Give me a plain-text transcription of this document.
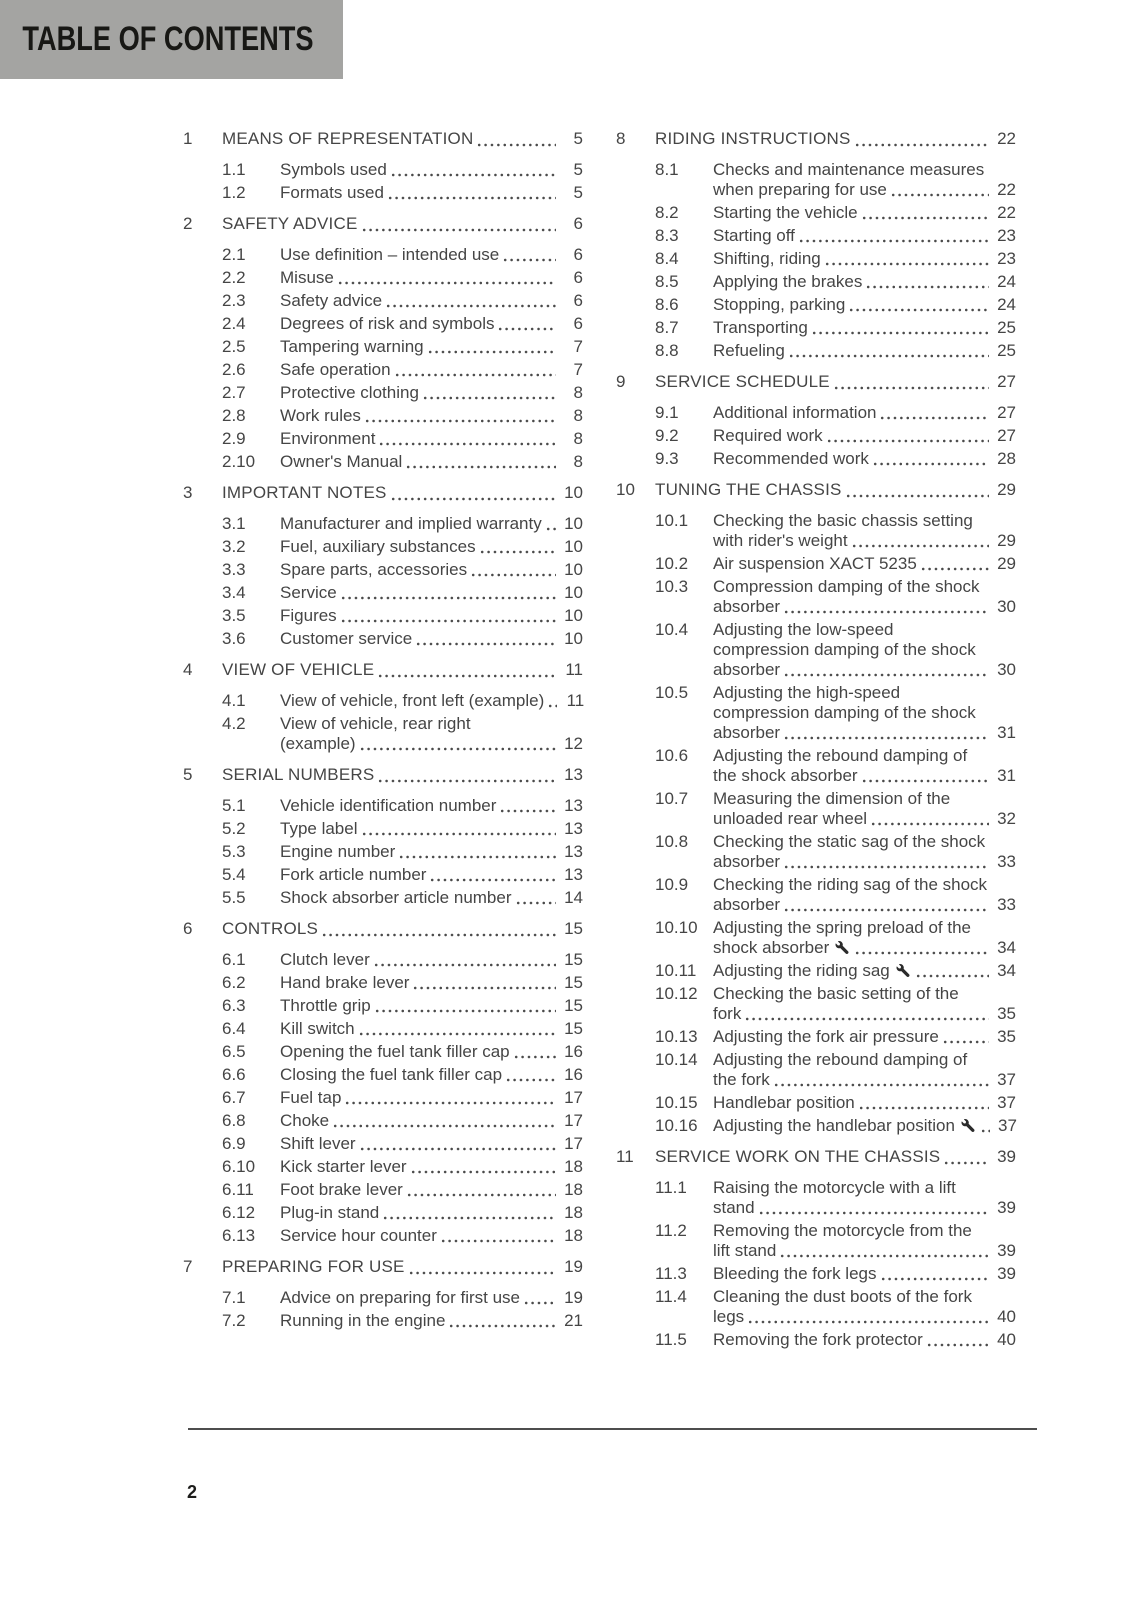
TABLE OF CONTENTS
1	MEANS OF REPRESENTATION	5
1.1	Symbols used	5
1.2	Formats used	5
2	SAFETY ADVICE	6
2.1	Use definition – intended use	6
2.2	Misuse	6
2.3	Safety advice	6
2.4	Degrees of risk and symbols	6
2.5	Tampering warning	7
2.6	Safe operation	7
2.7	Protective clothing	8
2.8	Work rules	8
2.9	Environment	8
2.10	Owner's Manual	8
3	IMPORTANT NOTES	10
3.1	Manufacturer and implied warranty 10
3.2	Fuel, auxiliary substances	10
3.3	Spare parts, accessories	10
3.4	Service	10
3.5	Figures	10
3.6	Customer service	10
4	VIEW OF VEHICLE	11
4.1	View of vehicle, front left (example)	11
4.2	View of vehicle, rear right
(example)	12
5	SERIAL NUMBERS	13
5.1	Vehicle identification number	13
5.2	Type label	13
5.3	Engine number	13
5.4	Fork article number	13
5.5	Shock absorber article number	14
6	CONTROLS	15
6.1	Clutch lever	15
6.2	Hand brake lever	15
6.3	Throttle grip	15
6.4	Kill switch	15
6.5	Opening the fuel tank filler cap	16
6.6	Closing the fuel tank filler cap	16
6.7	Fuel tap	17
6.8	Choke	17
6.9	Shift lever	17
6.10	Kick starter lever	18
6.11	Foot brake lever	18
6.12	Plug-in stand	18
6.13	Service hour counter	18
7	PREPARING FOR USE	19
7.1	Advice on preparing for first use	19
7.2	Running in the engine	21
8	RIDING INSTRUCTIONS	22
8.1	Checks and maintenance measures
when preparing for use	22
8.2	Starting the vehicle	22
8.3	Starting off	23
8.4	Shifting, riding	23
8.5	Applying the brakes	24
8.6	Stopping, parking	24
8.7	Transporting	25
8.8	Refueling	25
9	SERVICE SCHEDULE	27
9.1	Additional information	27
9.2	Required work	27
9.3	Recommended work	28
10	TUNING THE CHASSIS	29
10.1	Checking the basic chassis setting
with rider's weight	29
10.2	Air suspension XACT 5235	29
10.3	Compression damping of the shock
absorber	30
10.4	Adjusting the low-speed
compression damping of the shock
absorber	30
10.5	Adjusting the high-speed
compression damping of the shock
absorber	31
10.6	Adjusting the rebound damping of
the shock absorber	31
10.7	Measuring the dimension of the
unloaded rear wheel	32
10.8	Checking the static sag of the shock
absorber	33
10.9	Checking the riding sag of the shock
absorber	33
10.10 Adjusting the spring preload of the
shock absorber	34
10.11 Adjusting the riding sag	34
10.12 Checking the basic setting of the
fork	35
10.13 Adjusting the fork air pressure	35
10.14 Adjusting the rebound damping of
the fork	37
10.15 Handlebar position	37
10.16 Adjusting the handlebar position	37
11	SERVICE WORK ON THE CHASSIS	39
11.1	Raising the motorcycle with a lift
stand	39
11.2	Removing the motorcycle from the
lift stand	39
11.3	Bleeding the fork legs	39
11.4	Cleaning the dust boots of the fork
legs	40
11.5	Removing the fork protector	40
2
